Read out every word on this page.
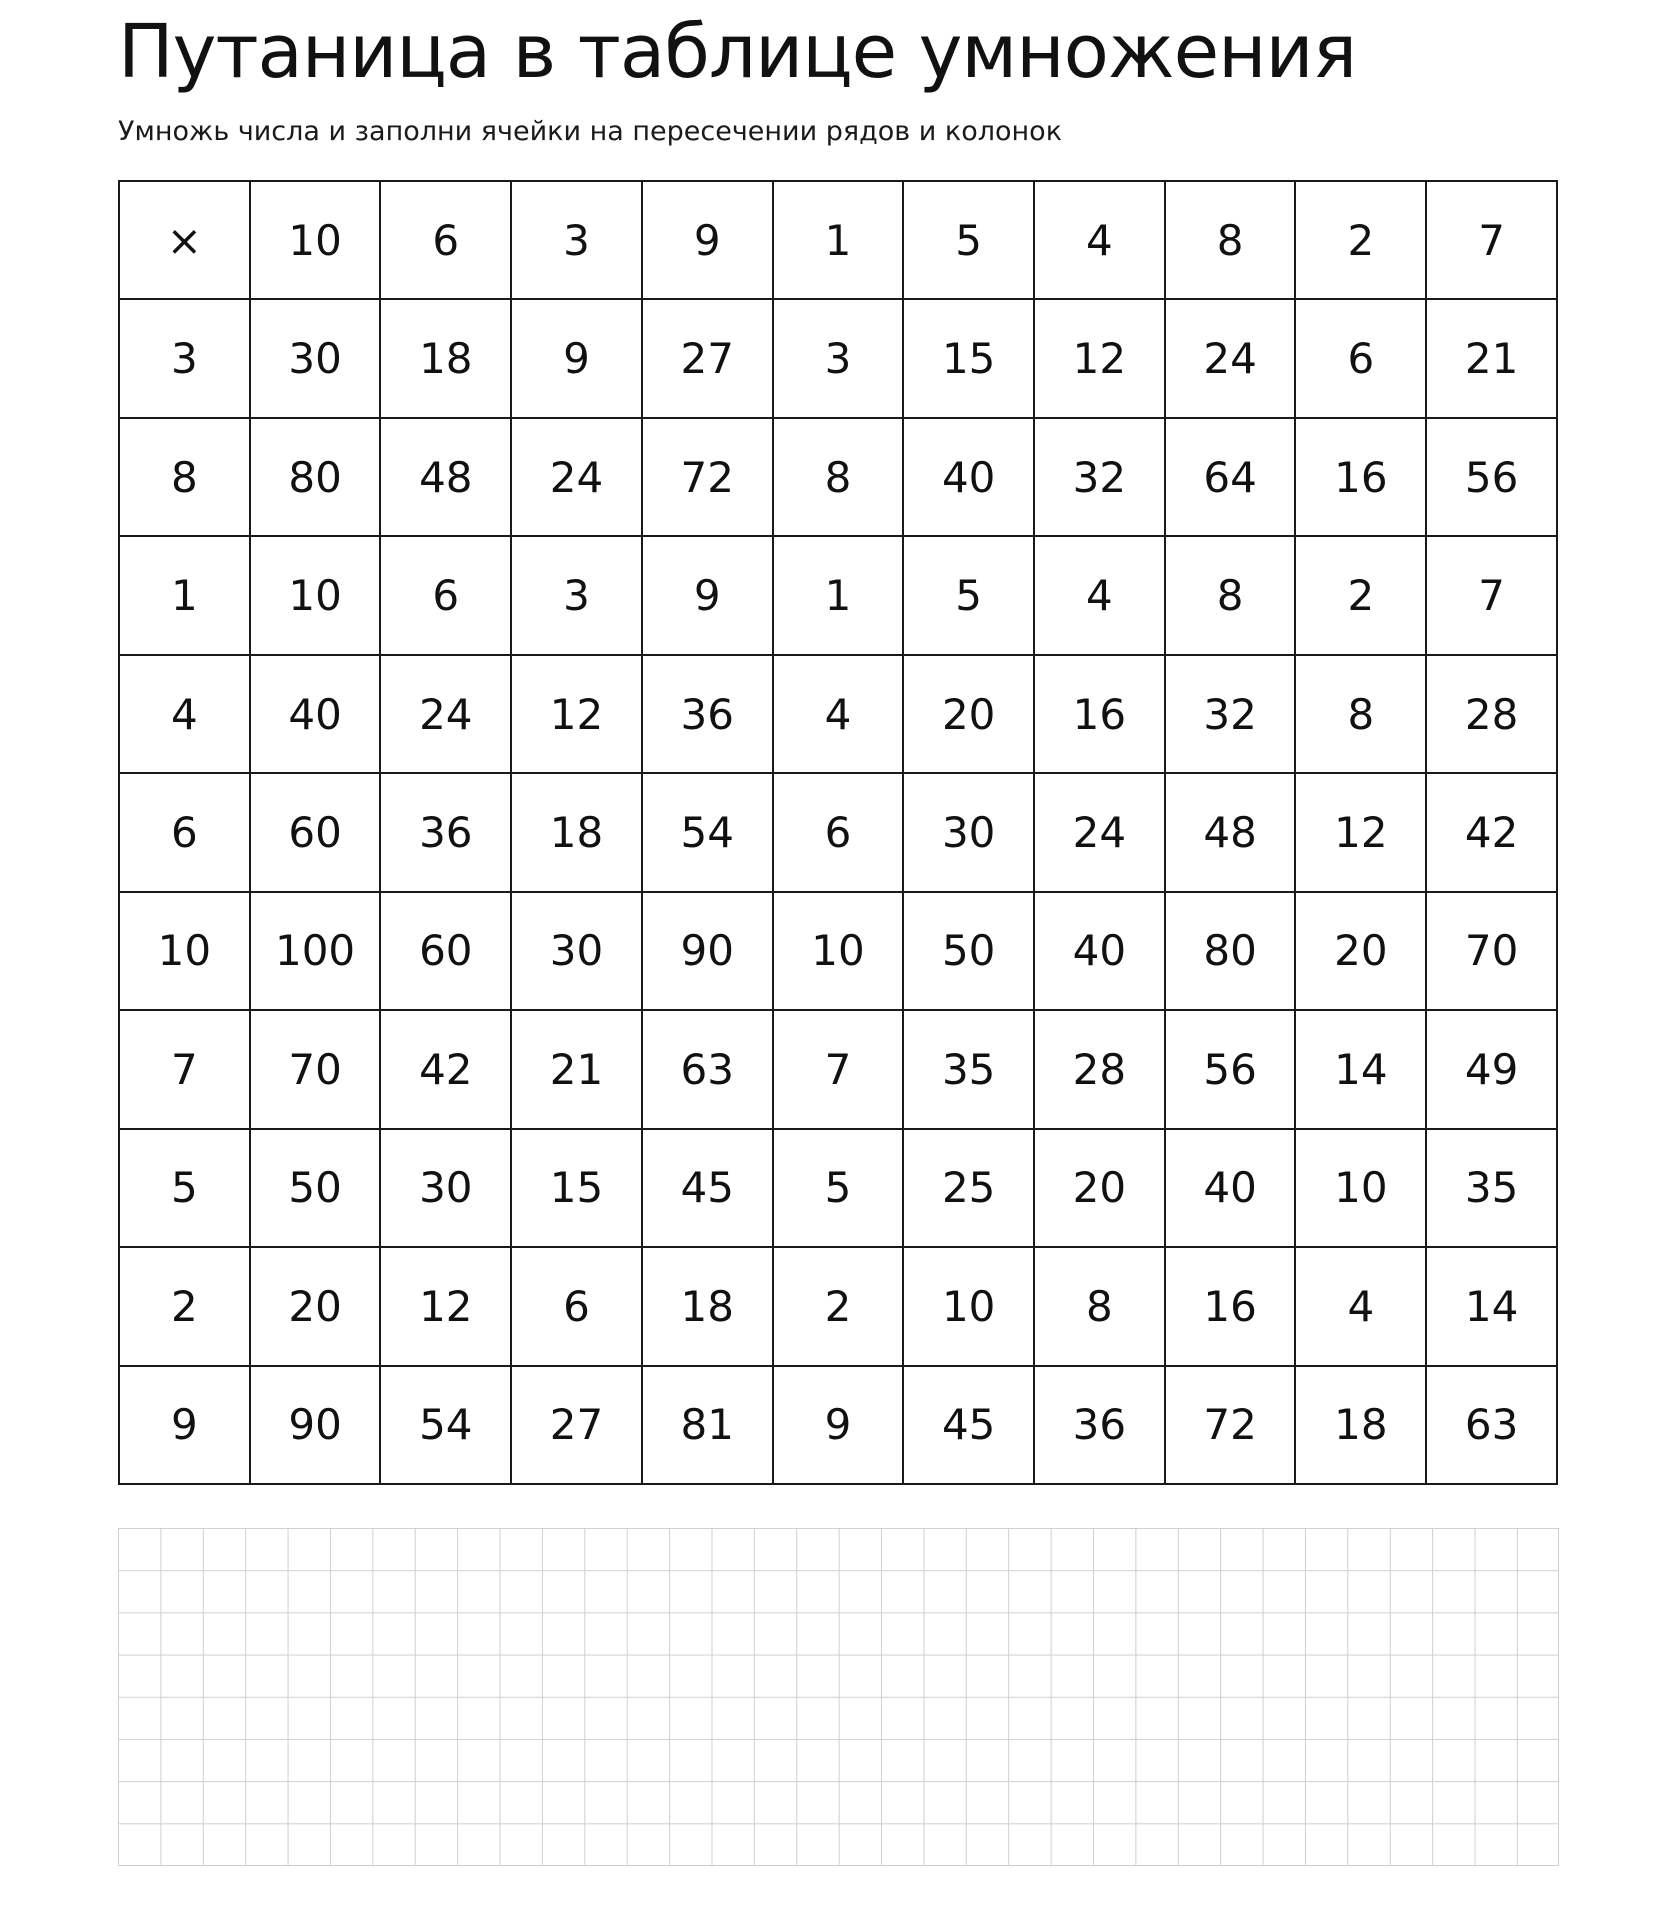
Путаница в таблице умножения

Умножь числа и заполни ячейки на пересечении рядов и колонок

×	10	6	3	9	1	5	4	8	2	7
3	30	18	9	27	3	15	12	24	6	21
8	80	48	24	72	8	40	32	64	16	56
1	10	6	3	9	1	5	4	8	2	7
4	40	24	12	36	4	20	16	32	8	28
6	60	36	18	54	6	30	24	48	12	42
10	100	60	30	90	10	50	40	80	20	70
7	70	42	21	63	7	35	28	56	14	49
5	50	30	15	45	5	25	20	40	10	35
2	20	12	6	18	2	10	8	16	4	14
9	90	54	27	81	9	45	36	72	18	63
